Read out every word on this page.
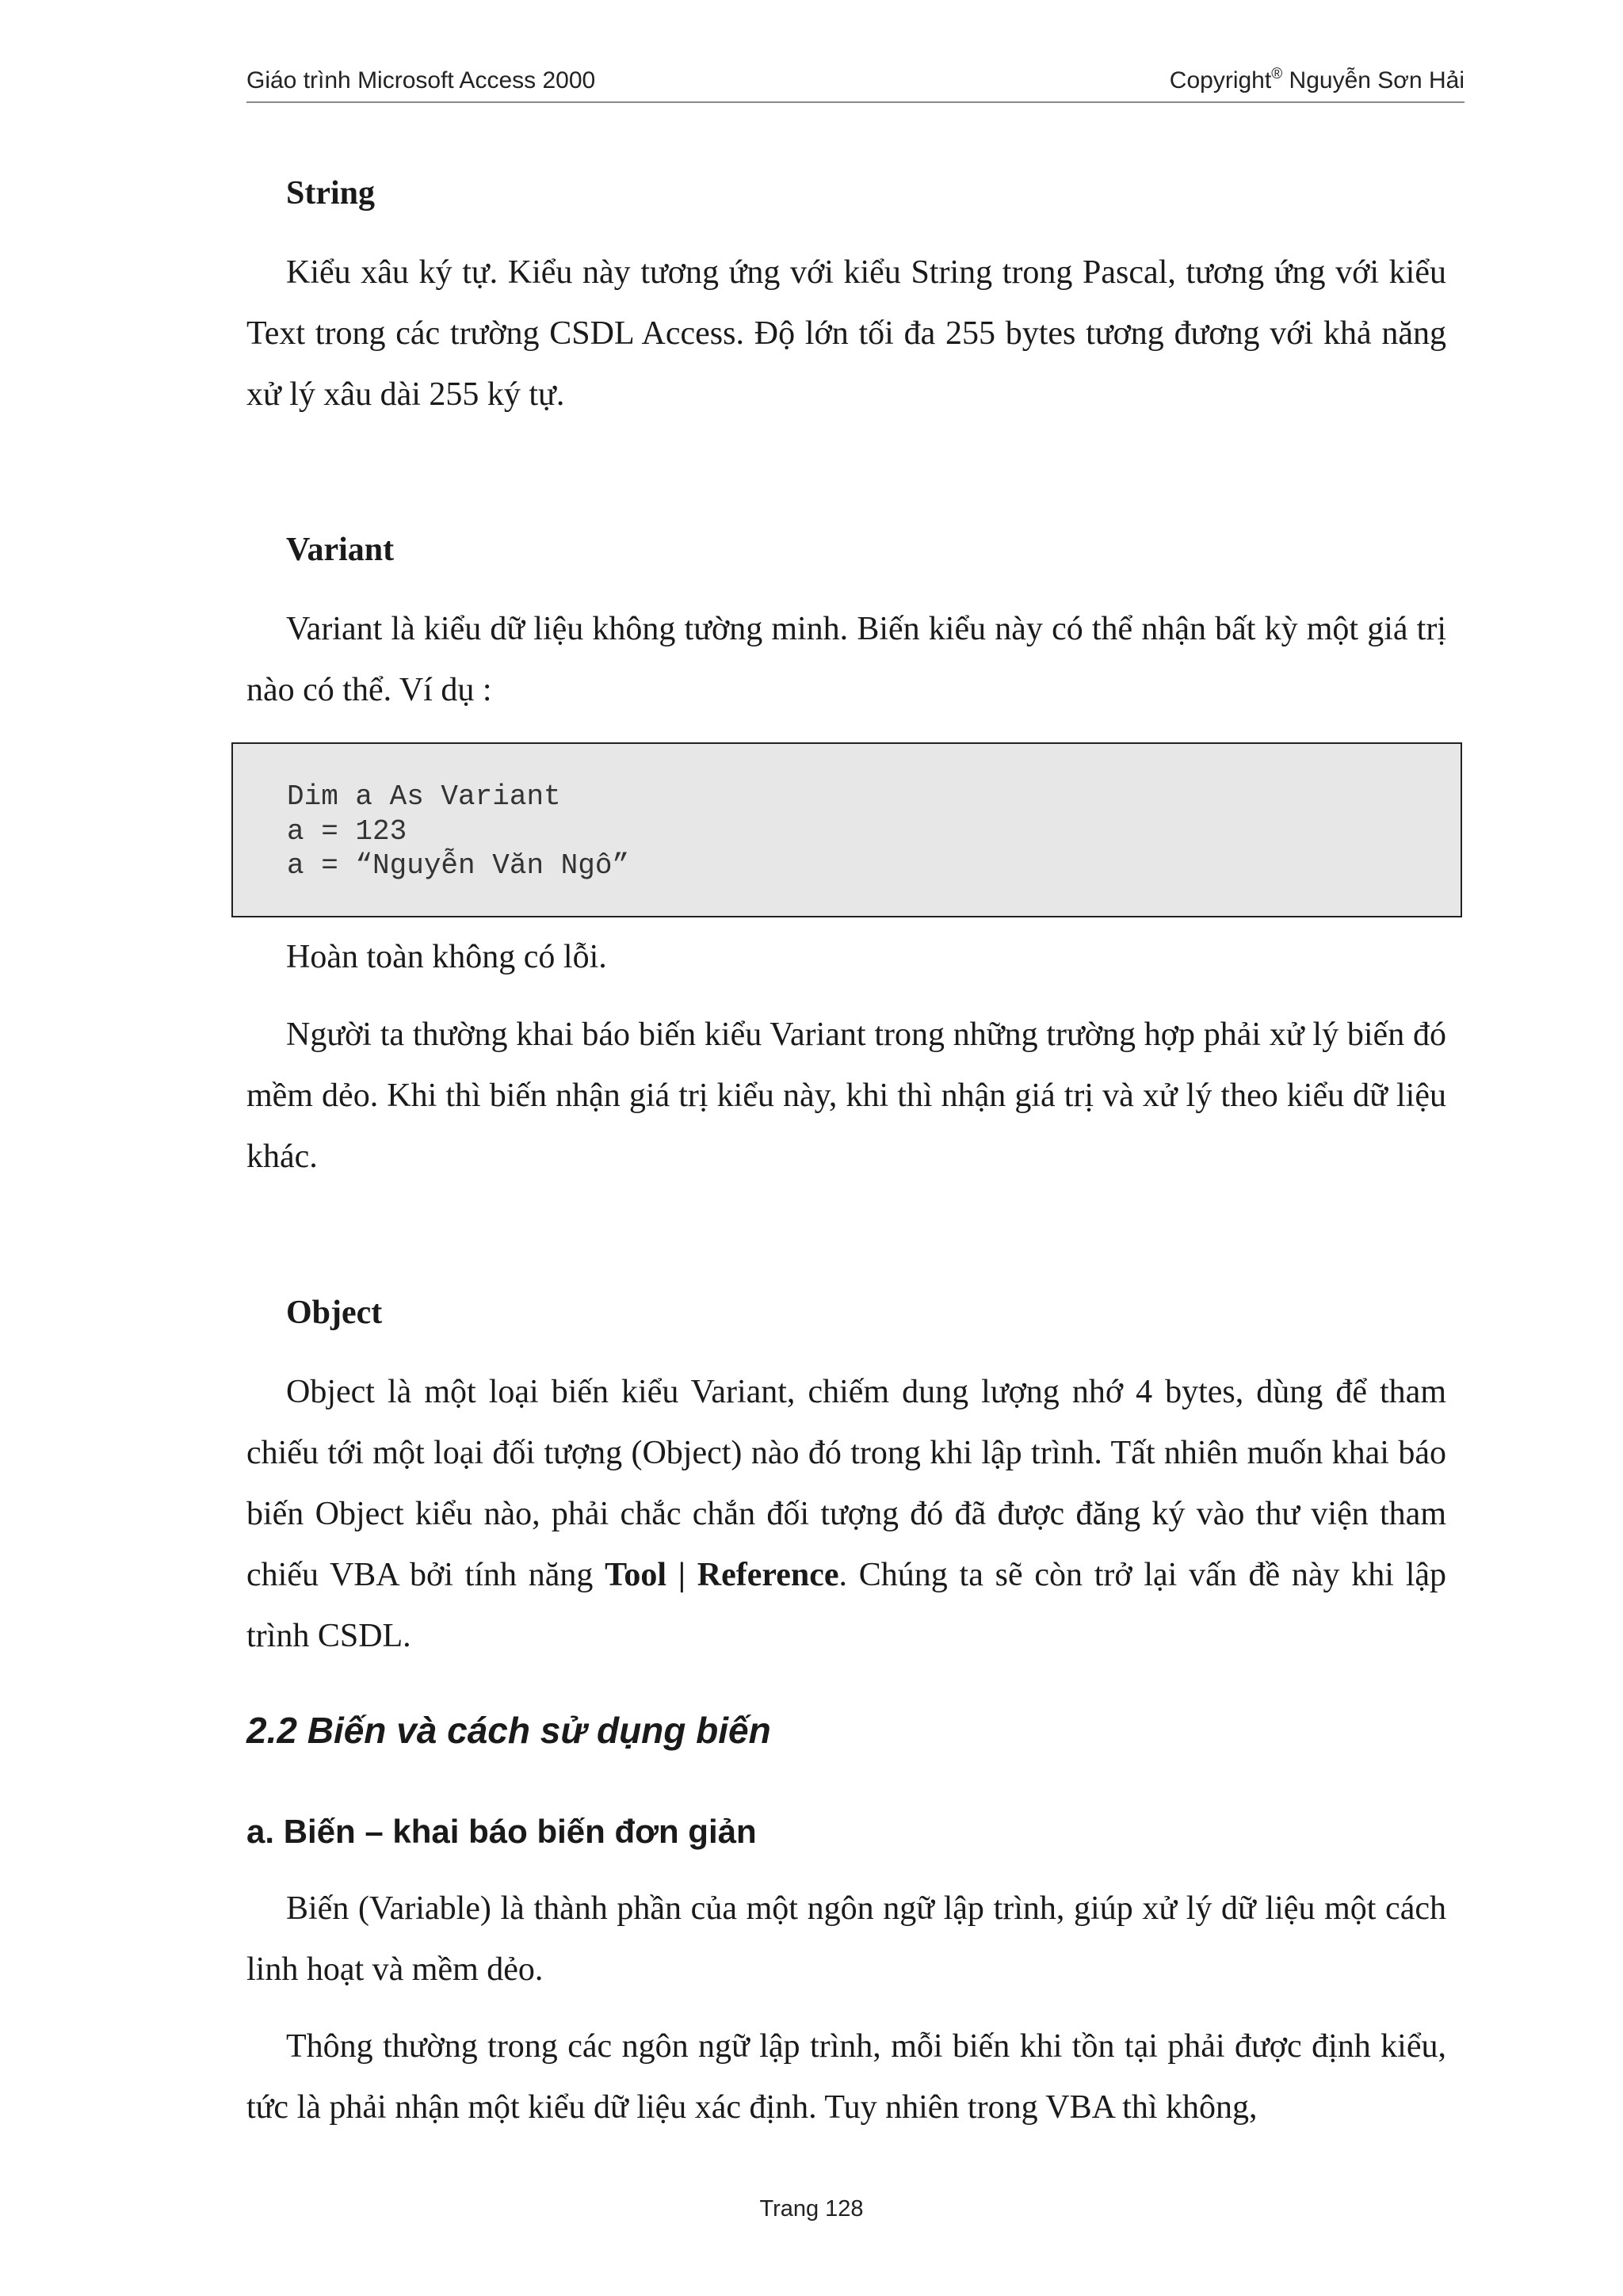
Giáo trình Microsoft Access 2000	Copyright® Nguyễn Sơn Hải
String

Kiểu xâu ký tự. Kiểu này tương ứng với kiểu String trong Pascal, tương ứng với kiểu Text trong các trường CSDL Access. Độ lớn tối đa 255 bytes tương đương với khả năng xử lý xâu dài 255 ký tự.

Variant

Variant là kiểu dữ liệu không tường minh. Biến kiểu này có thể nhận bất kỳ một giá trị nào có thể. Ví dụ :

Dim a As Variant
a = 123
a = “Nguyễn Văn Ngô”

Hoàn toàn không có lỗi.

Người ta thường khai báo biến kiểu Variant trong những trường hợp phải xử lý biến đó mềm dẻo. Khi thì biến nhận giá trị kiểu này, khi thì nhận giá trị và xử lý theo kiểu dữ liệu khác.

Object

Object là một loại biến kiểu Variant, chiếm dung lượng nhớ 4 bytes, dùng để tham chiếu tới một loại đối tượng (Object) nào đó trong khi lập trình. Tất nhiên muốn khai báo biến Object kiểu nào, phải chắc chắn đối tượng đó đã được đăng ký vào thư viện tham chiếu VBA bởi tính năng Tool | Reference. Chúng ta sẽ còn trở lại vấn đề này khi lập trình CSDL.

2.2 Biến và cách sử dụng biến
a. Biến – khai báo biến đơn giản

Biến (Variable) là thành phần của một ngôn ngữ lập trình, giúp xử lý dữ liệu một cách linh hoạt và mềm dẻo.

Thông thường trong các ngôn ngữ lập trình, mỗi biến khi tồn tại phải được định kiểu, tức là phải nhận một kiểu dữ liệu xác định. Tuy nhiên trong VBA thì không,

Trang 128
